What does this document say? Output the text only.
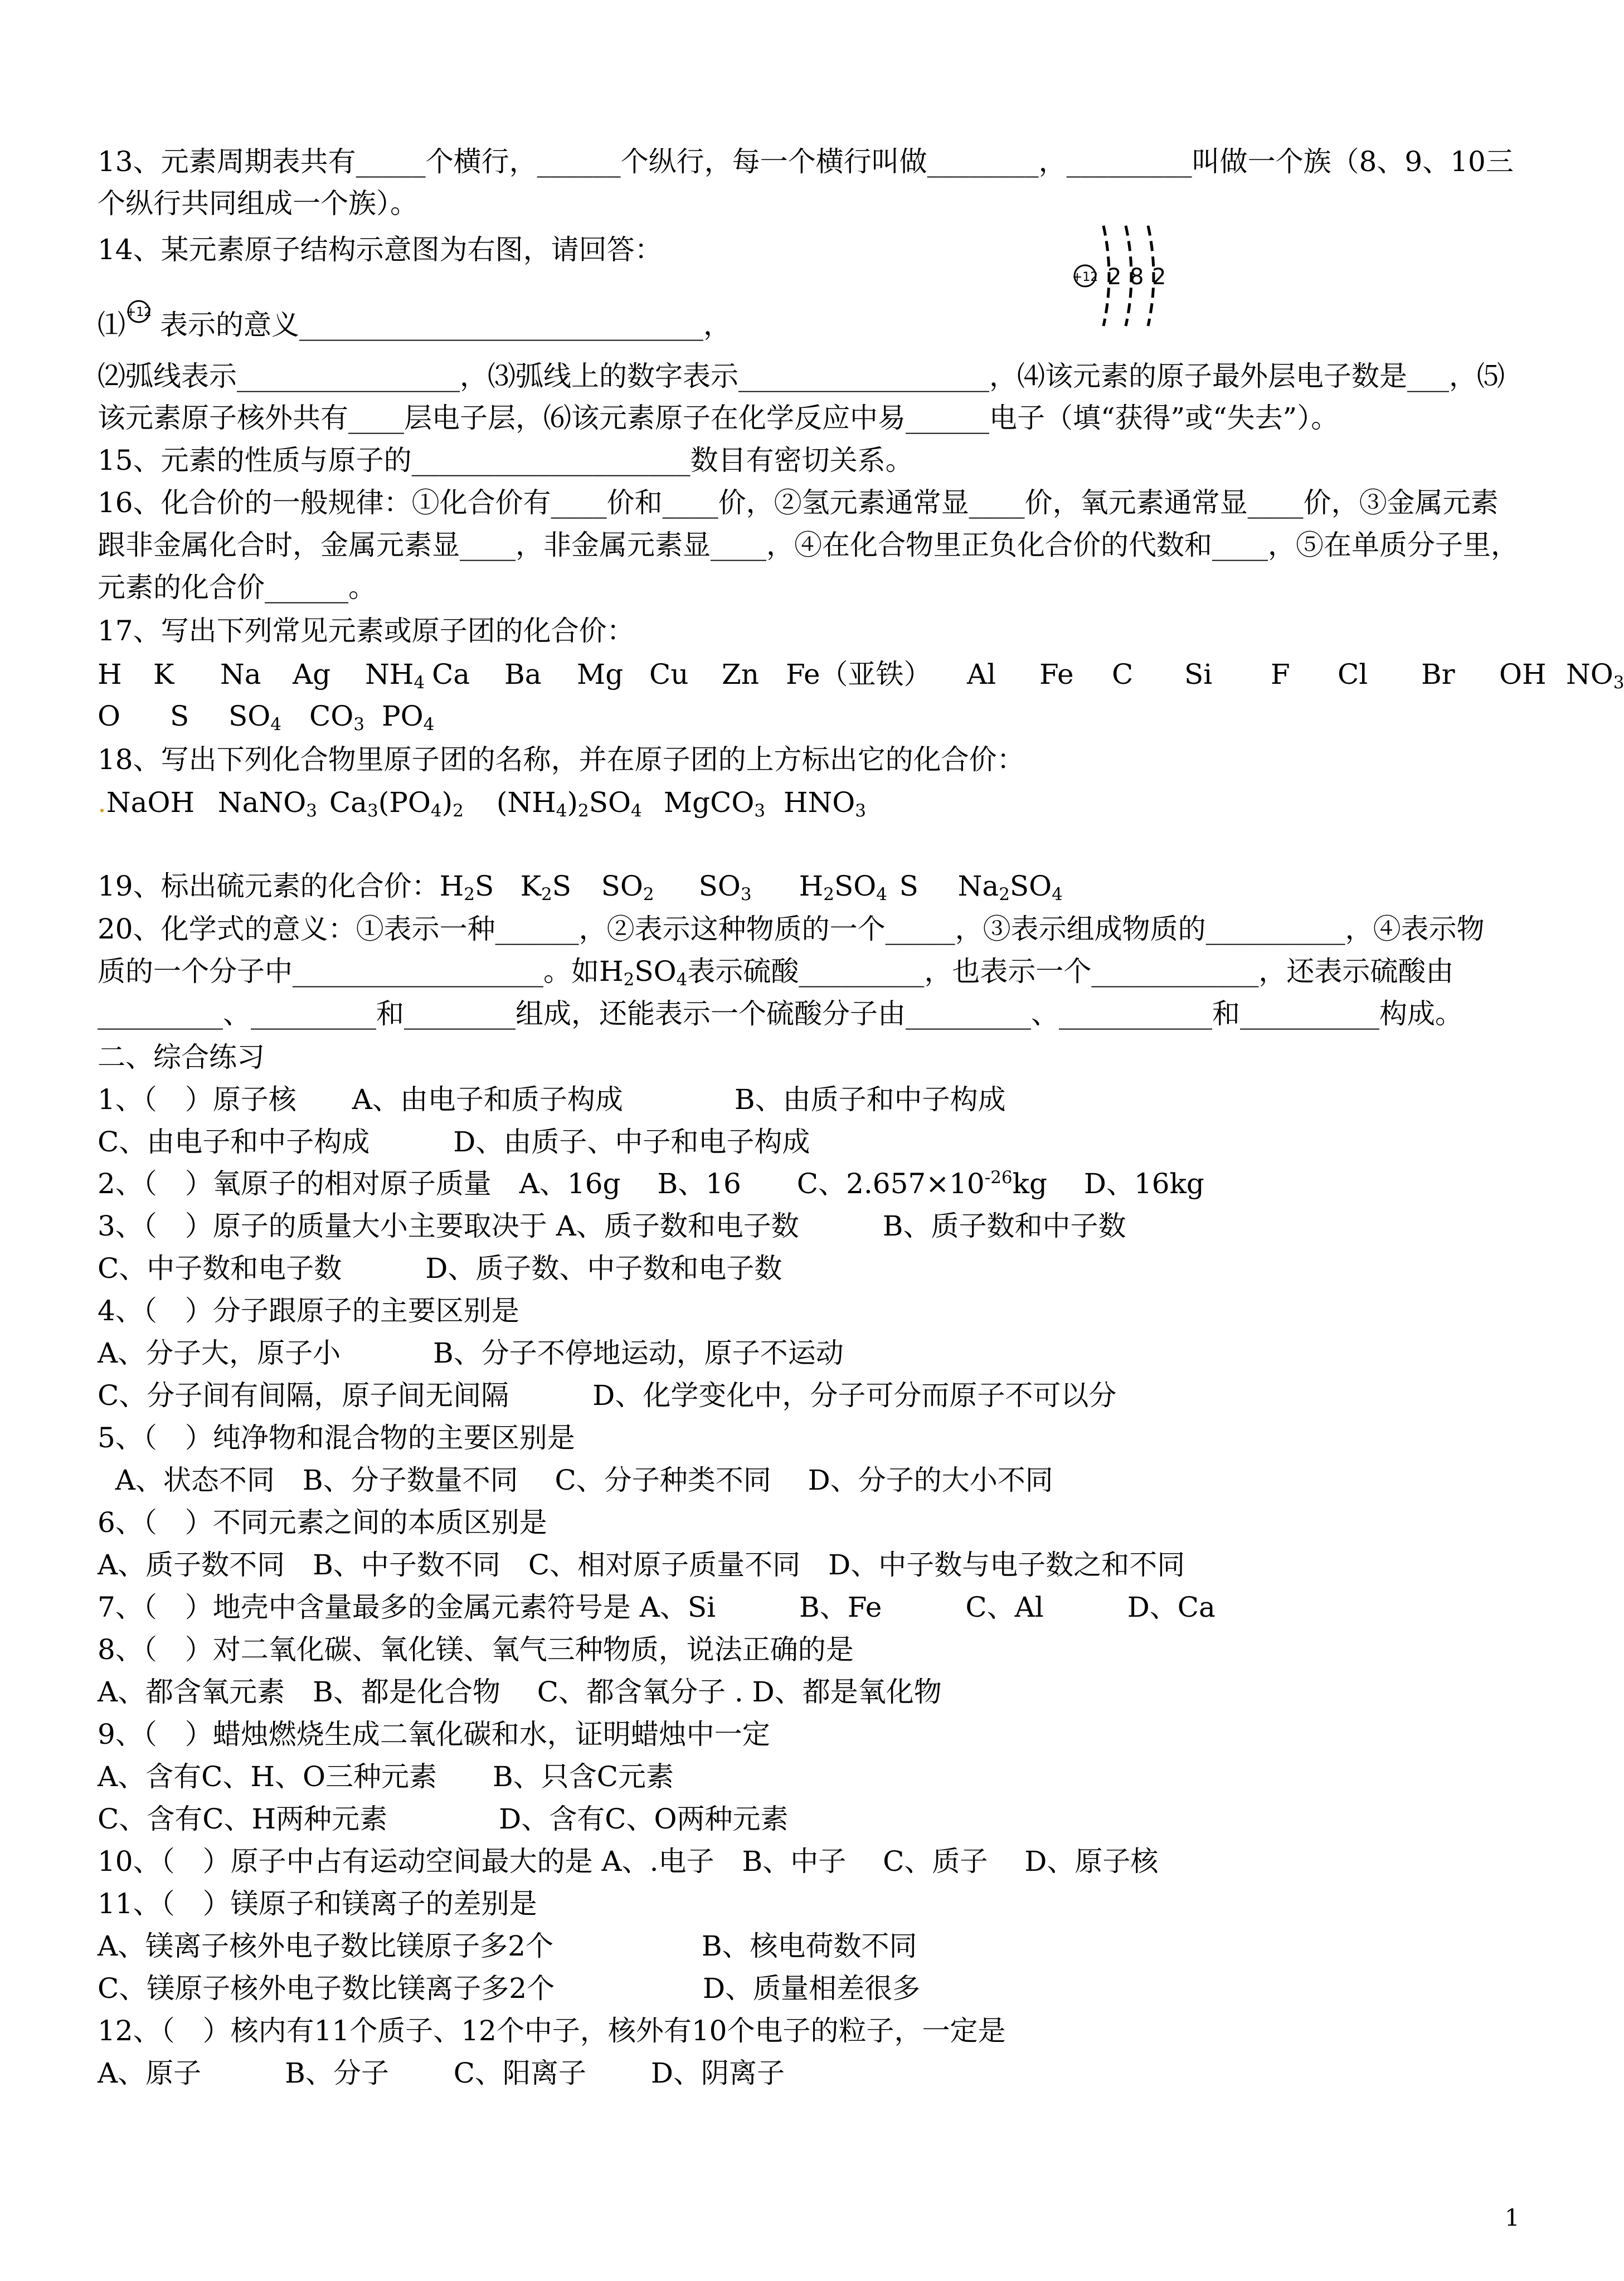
13、元素周期表共有_____个横行，______个纵行，每一个横行叫做________，_________叫做一个族（8、9、10三
个纵行共同组成一个族）。
14、某元素原子结构示意图为右图，请回答：
+12 2 8 2
⑴ +12 表示的意义_____________________________，
⑵弧线表示________________，⑶弧线上的数字表示__________________，⑷该元素的原子最外层电子数是___，⑸
该元素原子核外共有____层电子层，⑹该元素原子在化学反应中易______电子（填“获得”或“失去”）。
15、元素的性质与原子的____________________数目有密切关系。
16、化合价的一般规律：①化合价有____价和____价，②氢元素通常显____价，氧元素通常显____价，③金属元素
跟非金属化合时，金属元素显____，非金属元素显____，④在化合物里正负化合价的代数和____，⑤在单质分子里，
元素的化合价______。
17、写出下列常见元素或原子团的化合价：
H K Na Ag $NH_4$ Ca Ba Mg Cu Zn Fe（亚铁） Al Fe C Si F Cl Br OH $NO_3$
O S $SO_4$ $CO_3$ $PO_4$
18、写出下列化合物里原子团的名称，并在原子团的上方标出它的化合价：
.NaOH NaNO$_3$ $Ca_3(PO_4)_2$ $(NH_4)_2SO_4$ MgCO$_3$ $HNO_3$
19、标出硫元素的化合价：$H_2S$ $K_2S$ $SO_2$ $SO_3$ $H_2SO_4$ S $Na_2SO_4$
20、化学式的意义：①表示一种______，②表示这种物质的一个_____，③表示组成物质的__________，④表示物
质的一个分子中__________________。如$H_2SO_4$表示硫酸_________，也表示一个____________，还表示硫酸由
_________、_________和________组成，还能表示一个硫酸分子由_________、___________和__________构成。
二、综合练习
1、（　）原子核　　A、由电子和质子构成　　　　B、由质子和中子构成
C、由电子和中子构成　　　D、由质子、中子和电子构成
2、（　）氧原子的相对原子质量　A、16g　 B、16　　C、$2.657\times 10^{-26}kg$　 D、16kg
3、（　）原子的质量大小主要取决于 A、质子数和电子数　　　B、质子数和中子数
C、中子数和电子数　　　D、质子数、中子数和电子数
4、（　）分子跟原子的主要区别是
A、分子大，原子小　　　 B、分子不停地运动，原子不运动
C、分子间有间隔，原子间无间隔　　　D、化学变化中，分子可分而原子不可以分
5、（　）纯净物和混合物的主要区别是
A、状态不同　B、分子数量不同　 C、分子种类不同　 D、分子的大小不同
6、（　）不同元素之间的本质区别是
A、质子数不同　B、中子数不同　C、相对原子质量不同　D、中子数与电子数之和不同
7、（　）地壳中含量最多的金属元素符号是 A、Si　　　B、Fe　　　C、Al　　　D、Ca
8、（　）对二氧化碳、氧化镁、氧气三种物质，说法正确的是
A、都含氧元素　B、都是化合物　 C、都含氧分子 . D、都是氧化物
9、（　）蜡烛燃烧生成二氧化碳和水，证明蜡烛中一定
A、含有C、H、O三种元素　　B、只含C元素
C、含有C、H两种元素　　　　D、含有C、O两种元素
10、（　）原子中占有运动空间最大的是 A、.电子　B、中子　 C、质子　 D、原子核
11、（　）镁原子和镁离子的差别是
A、镁离子核外电子数比镁原子多2个　　　　　 B、核电荷数不同
C、镁原子核外电子数比镁离子多2个　　　　　 D、质量相差很多
12、（　）核内有11个质子、12个中子，核外有10个电子的粒子，一定是
A、原子　　　B、分子　　 C、阳离子　　 D、阴离子
1
